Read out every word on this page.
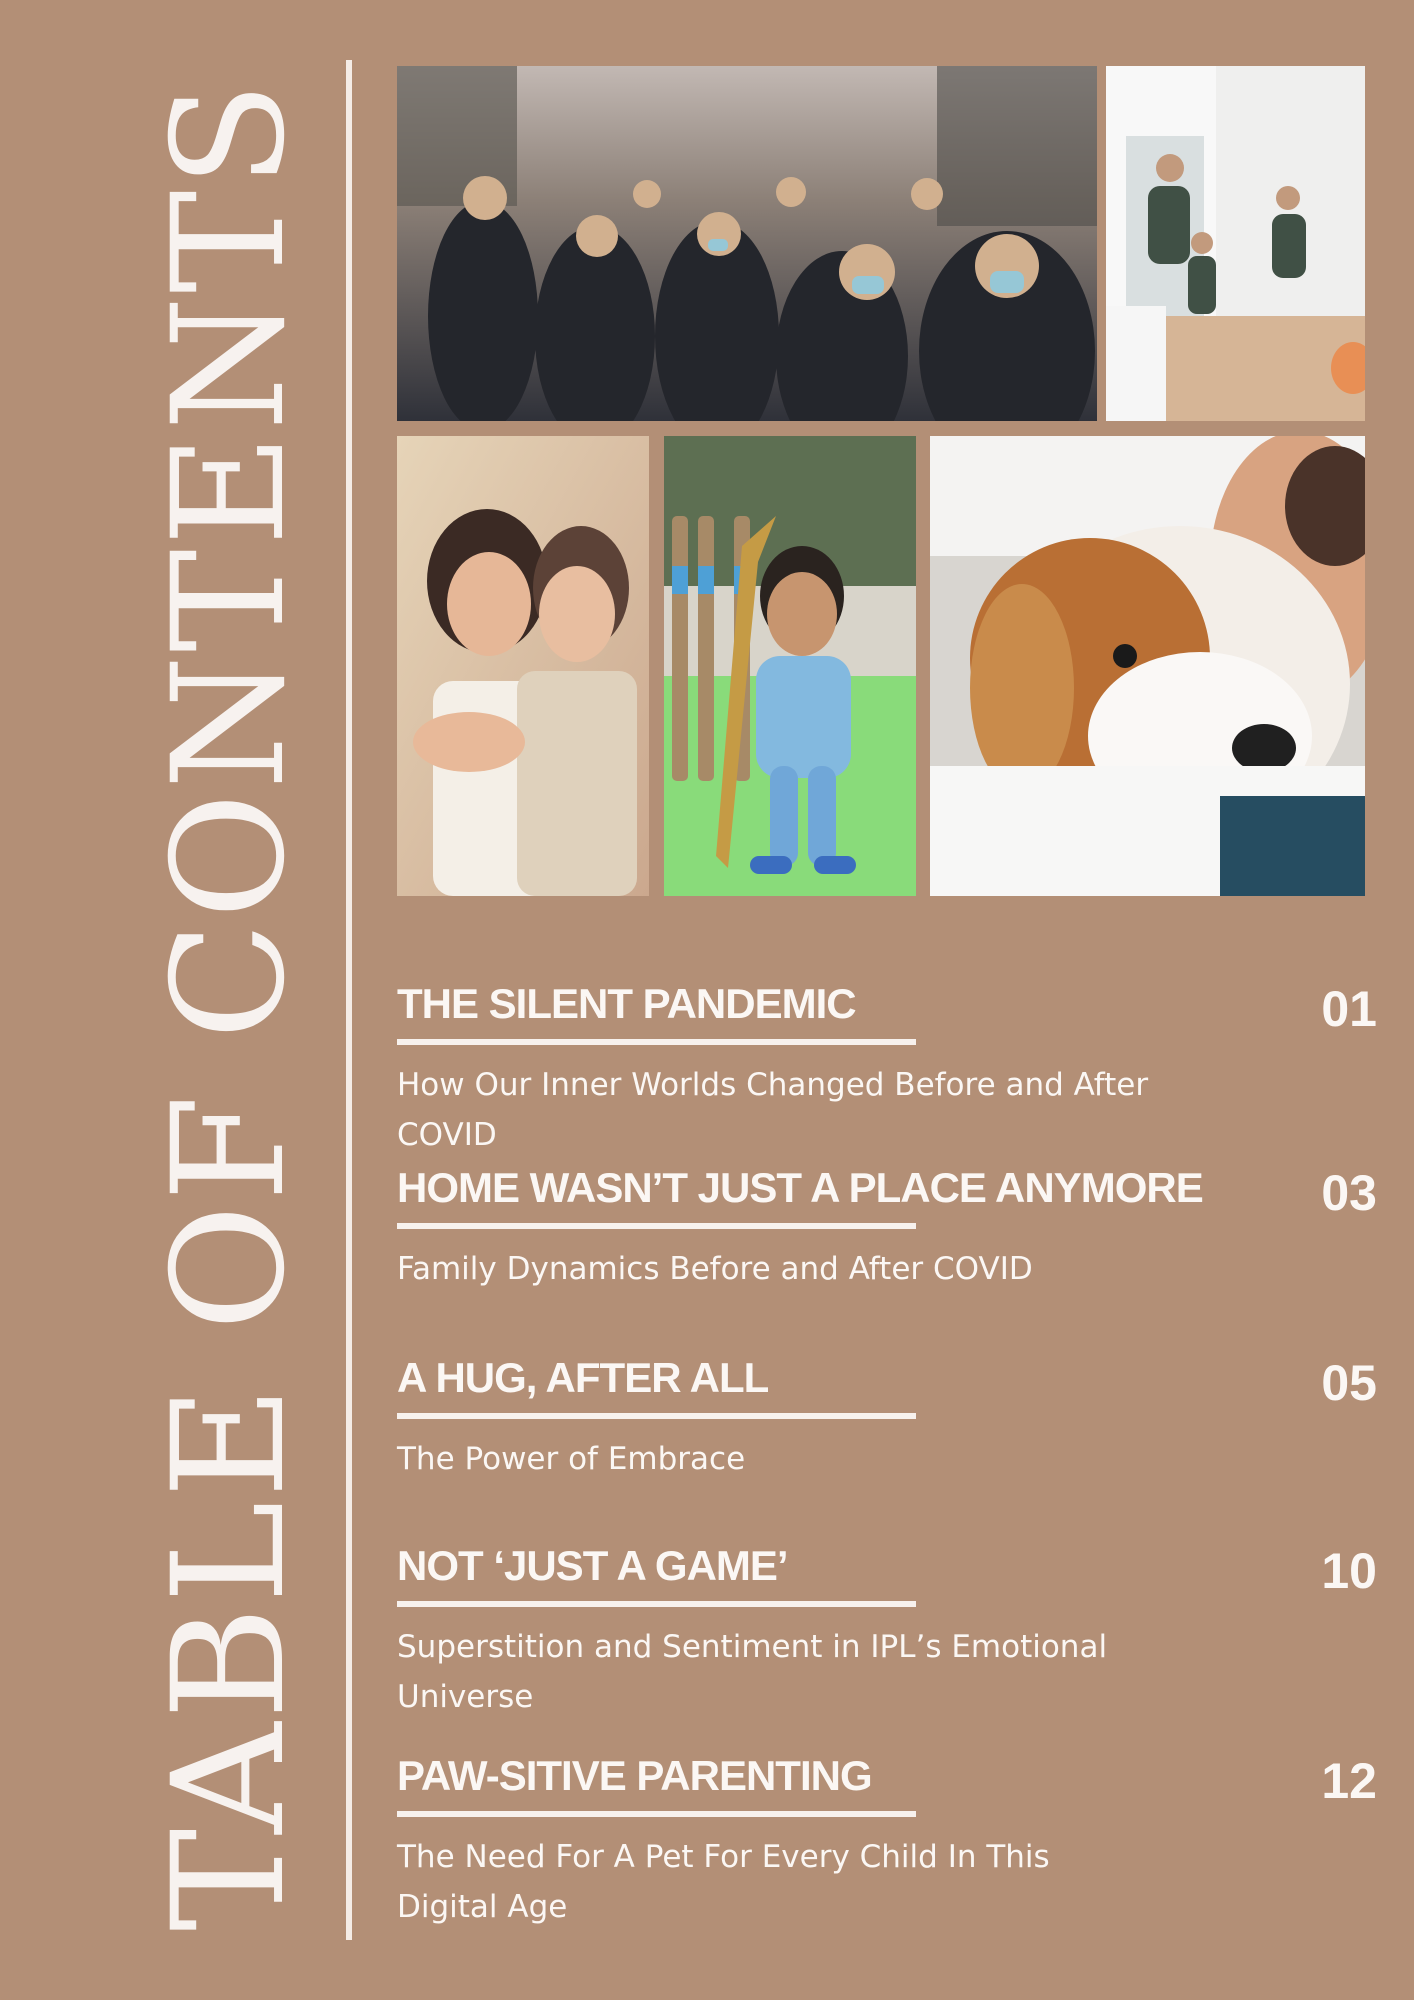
TABLE OF CONTENTS THE SILENT PANDEMIC
How Our Inner Worlds Changed Before and After COVID
01
HOME WASN’T JUST A PLACE ANYMORE
Family Dynamics Before and After COVID
03
A HUG, AFTER ALL
The Power of Embrace
05
NOT ‘JUST A GAME’
Superstition and Sentiment in IPL’s Emotional Universe
10
PAW-SITIVE PARENTING
The Need For A Pet For Every Child In This Digital Age
12
